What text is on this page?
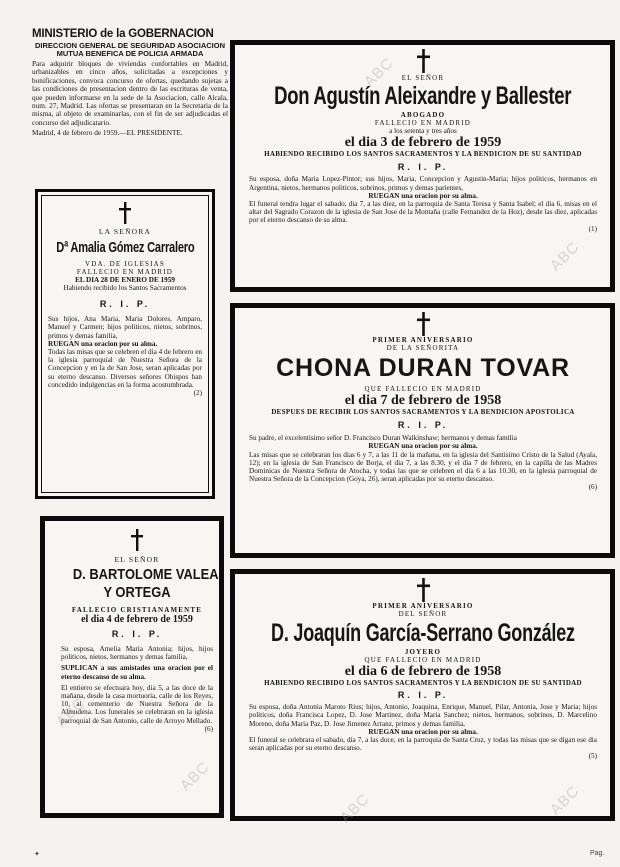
MINISTERIO de la GOBERNACION
DIRECCION GENERAL DE SEGURIDAD ASOCIACION MUTUA BENEFICA DE POLICIA ARMADA

Para adquirir bloques de viviendas confortables en Madrid, urbanizables en cinco años, solicitadas a excepciones y bonificaciones, convoca concurso de ofertas, quedando sujetas a las condiciones de presentacion dentro de las escrituras de venta, que pueden informarse en la sede de la Asociacion, calle Alcala, num. 27, Madrid. Las ofertas se presentaran en la Secretaria de la misma, al objeto de examinarlas, con el fin de ser adjudicadas el concurso del adjudicatario.

Madrid, 4 de febrero de 1959.—EL PRESIDENTE.

LA SEÑORA
Dª Amalia Gómez Carralero
VDA. DE IGLESIAS
FALLECIO EN MADRID
EL DIA 28 DE ENERO DE 1959
Habiendo recibido los Santos Sacramentos
R. I. P.

Sus hijos, Ana Maria, Maria Dolores, Amparo, Manuel y Carmen; hijos politicos, nietos, sobrinos, primos y demas familia,

RUEGAN una oracion por su alma.

Todas las misas que se celebren el dia 4 de febrero en la iglesia parroquial de Nuestra Señora de la Concepcion y en la de San Jose, seran aplicadas por su eterno descanso. Diversos señores Obispos han concedido indulgencias en la forma acostumbrada.

(2)
EL SEÑOR
D. BARTOLOME VALEA
Y ORTEGA
FALLECIO CRISTIANAMENTE
el dia 4 de febrero de 1959
R. I. P.

Su esposa, Amelia Maria Antonia; hijos, hijos politicos, nietos, hermanos y demas familia,

SUPLICAN a sus amistades una oracion por el eterno descanso de su alma.

El entierro se efectuara hoy, dia 5, a las doce de la mañana, desde la casa mortuoria, calle de los Reyes, 10, al cementerio de Nuestra Señora de la Almudena. Los funerales se celebraran en la iglesia parroquial de San Antonio, calle de Arroyo Mellado.

(6)
EL SEÑOR
Don Agustín Aleixandre y Ballester
ABOGADO
FALLECIO EN MADRID
a los setenta y tres años
el dia 3 de febrero de 1959
HABIENDO RECIBIDO LOS SANTOS SACRAMENTOS Y LA BENDICION DE SU SANTIDAD
R. I. P.

Su esposa, doña Maria Lopez-Pintor; sus hijos, Maria, Concepcion y Agustin-Maria; hijos politicos, hermanos en Argentina, nietos, hermanos politicos, sobrinos, primos y demas parientes,

RUEGAN una oracion por su alma.

El funeral tendra lugar el sabado, dia 7, a las diez, en la parroquia de Santa Teresa y Santa Isabel; el dia 6, misas en el altar del Sagrado Corazon de la iglesia de San Jose de la Montaña (calle Fernandez de la Hoz), desde las diez, aplicadas por el eterno descanso de su alma.

(1)
PRIMER ANIVERSARIO
DE LA SEÑORITA
CHONA DURAN TOVAR
QUE FALLECIO EN MADRID
el dia 7 de febrero de 1958
DESPUES DE RECIBIR LOS SANTOS SACRAMENTOS Y LA BENDICION APOSTOLICA
R. I. P.

Su padre, el excelentisimo señor D. Francisco Duran Walkinshaw; hermanos y demas familia

RUEGAN una oracion por su alma.

Las misas que se celebraran los dias 6 y 7, a las 11 de la mañana, en la iglesia del Santisimo Cristo de la Salud (Ayala, 12); en la iglesia de San Francisco de Borja, el dia 7, a las 8.30, y el dia 7 de febrero, en la capilla de las Madres Dominicas de Nuestra Señora de Atocha, y todas las que se celebren el dia 6 a las 10.30, en la iglesia parroquial de Nuestra Señora de la Concepcion (Goya, 26), seran aplicadas por su eterno descanso.

(6)
PRIMER ANIVERSARIO
DEL SEÑOR
D. Joaquín García-Serrano González
JOYERO
QUE FALLECIO EN MADRID
el dia 6 de febrero de 1958
HABIENDO RECIBIDO LOS SANTOS SACRAMENTOS Y LA BENDICION DE SU SANTIDAD
R. I. P.

Su esposa, doña Antonia Maroto Rius; hijos, Antonio, Joaquina, Enrique, Manuel, Pilar, Antonia, Jose y Maria; hijos politicos, doña Francisca Lopez, D. Jose Martinez, doña Maria Sanchez; nietos, hermanos, sobrinos, D. Marcelino Moreno, doña Maria Paz, D. Jose Jimenez Arranz, primos y demas familia,

RUEGAN una oracion por su alma.

El funeral se celebrara el sabado, dia 7, a las doce, en la parroquia de Santa Cruz, y todas las misas que se digan ese dia seran aplicadas por su eterno descanso.

(5)
ABC
ABC
ABC
ABC
ABC	ABC
✦	Pag.
